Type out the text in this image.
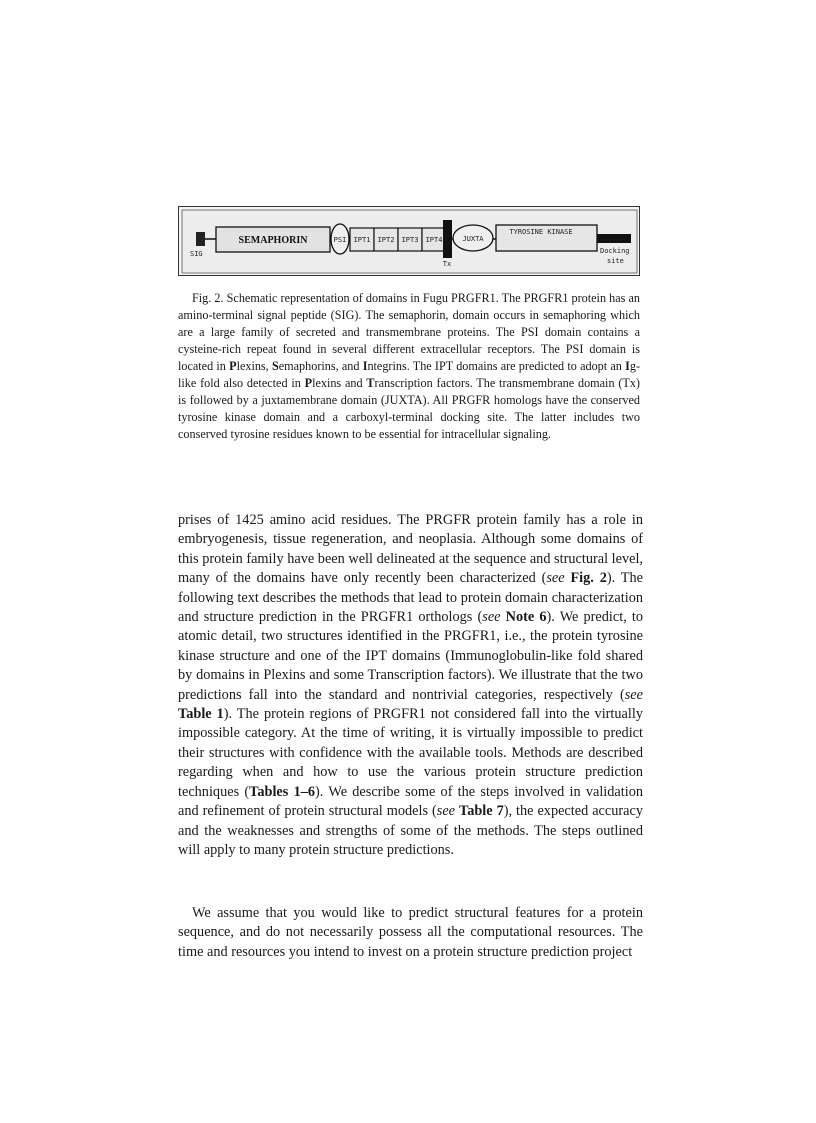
SIG
SEMAPHORIN	PSI IPT1 IPT2 IPT3 IPT4
Tx
JUXTA
TYROSINE KINASE
Docking
site

Fig. 2. Schematic representation of domains in Fugu PRGFR1. The PRGFR1 protein has an amino-terminal signal peptide (SIG). The semaphorin, domain occurs in semaphoring which are a large family of secreted and transmembrane proteins. The PSI domain contains a cysteine-rich repeat found in several different extracellular receptors. The PSI domain is located in Plexins, Semaphorins, and Integrins. The IPT domains are predicted to adopt an Ig-like fold also detected in Plexins and Transcription factors. The transmembrane domain (Tx) is followed by a juxtamembrane domain (JUXTA). All PRGFR homologs have the conserved tyrosine kinase domain and a carboxyl-terminal docking site. The latter includes two conserved tyrosine residues known to be essential for intracellular signaling.

prises of 1425 amino acid residues. The PRGFR protein family has a role in embryogenesis, tissue regeneration, and neoplasia. Although some domains of this protein family have been well delineated at the sequence and structural level, many of the domains have only recently been characterized (see Fig. 2). The following text describes the methods that lead to protein domain characterization and structure prediction in the PRGFR1 orthologs (see Note 6). We predict, to atomic detail, two structures identified in the PRGFR1, i.e., the protein tyrosine kinase structure and one of the IPT domains (Immunoglobulin-like fold shared by domains in Plexins and some Transcription factors). We illustrate that the two predictions fall into the standard and nontrivial categories, respectively (see Table 1). The protein regions of PRGFR1 not considered fall into the virtually impossible category. At the time of writing, it is virtually impossible to predict their structures with confidence with the available tools. Methods are described regarding when and how to use the various protein structure prediction techniques (Tables 1–6). We describe some of the steps involved in validation and refinement of protein structural models (see Table 7), the expected accuracy and the weaknesses and strengths of some of the methods. The steps outlined will apply to many protein structure predictions.

We assume that you would like to predict structural features for a protein sequence, and do not necessarily possess all the computational resources. The time and resources you intend to invest on a protein structure prediction project
